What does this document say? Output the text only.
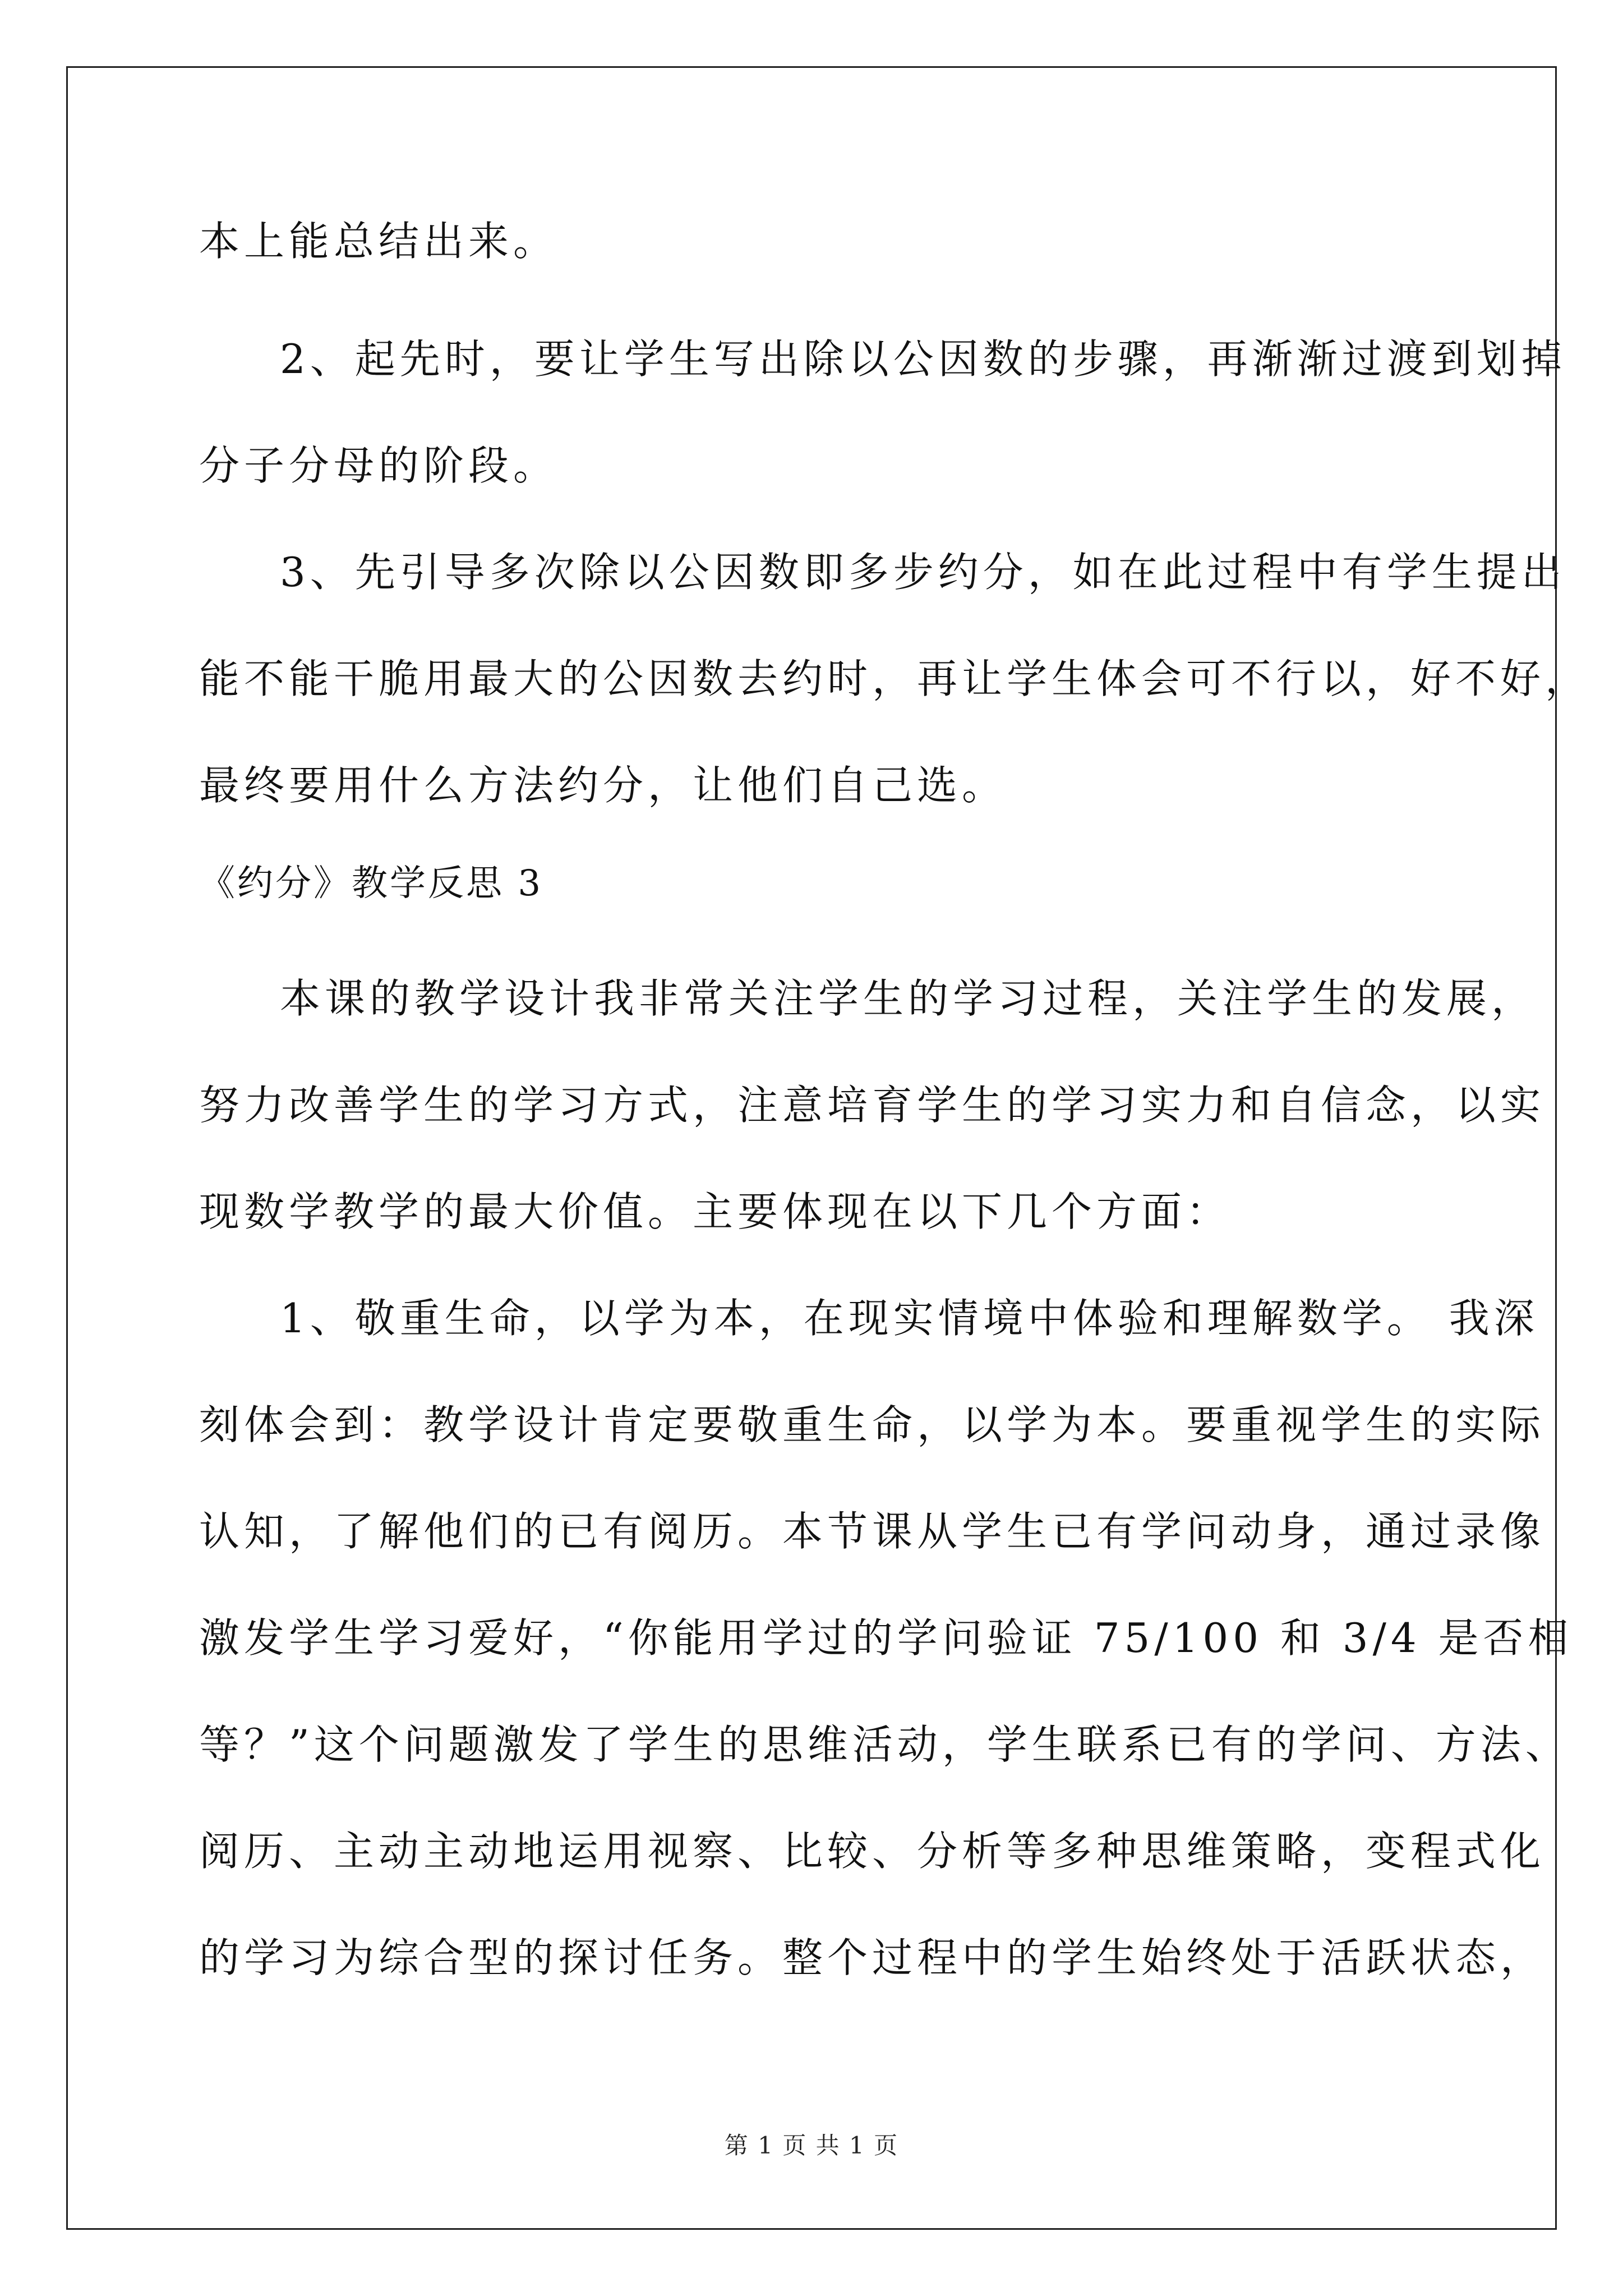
本上能总结出来。
2、起先时，要让学生写出除以公因数的步骤，再渐渐过渡到划掉
分子分母的阶段。
3、先引导多次除以公因数即多步约分，如在此过程中有学生提出
能不能干脆用最大的公因数去约时，再让学生体会可不行以，好不好，
最终要用什么方法约分，让他们自己选。
《约分》教学反思 3
本课的教学设计我非常关注学生的学习过程，关注学生的发展，
努力改善学生的学习方式，注意培育学生的学习实力和自信念，以实
现数学教学的最大价值。主要体现在以下几个方面：
1、敬重生命，以学为本，在现实情境中体验和理解数学。 我深
刻体会到：教学设计肯定要敬重生命，以学为本。要重视学生的实际
认知，了解他们的已有阅历。本节课从学生已有学问动身，通过录像
激发学生学习爱好，“你能用学过的学问验证 75/100 和 3/4 是否相
等？”这个问题激发了学生的思维活动，学生联系已有的学问、方法、
阅历、主动主动地运用视察、比较、分析等多种思维策略，变程式化
的学习为综合型的探讨任务。整个过程中的学生始终处于活跃状态，
第 1 页 共 1 页
